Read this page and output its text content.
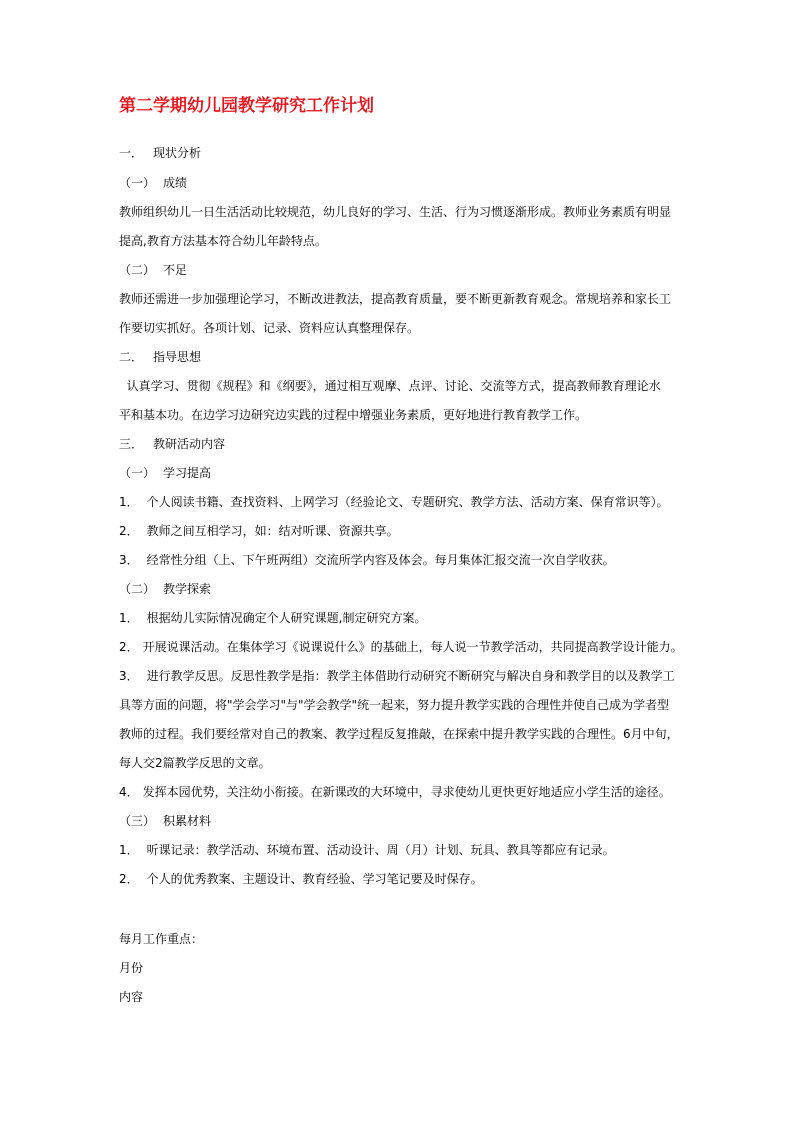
第二学期幼儿园教学研究工作计划
一． 现状分析
（一） 成绩
教师组织幼儿一日生活活动比较规范，幼儿良好的学习、生活、行为习惯逐渐形成。教师业务素质有明显
提高,教育方法基本符合幼儿年龄特点。
（二） 不足
教师还需进一步加强理论学习，不断改进教法，提高教育质量，要不断更新教育观念。常规培养和家长工
作要切实抓好。各项计划、记录、资料应认真整理保存。
二． 指导思想
认真学习、贯彻《规程》和《纲要》，通过相互观摩、点评、讨论、交流等方式，提高教师教育理论水
平和基本功。在边学习边研究边实践的过程中增强业务素质，更好地进行教育教学工作。
三． 教研活动内容
（一） 学习提高
1． 个人阅读书籍、查找资料、上网学习（经验论文、专题研究、教学方法、活动方案、保育常识等）。
2． 教师之间互相学习，如：结对听课、资源共享。
3． 经常性分组（上、下午班两组）交流所学内容及体会。每月集体汇报交流一次自学收获。
（二） 教学探索
1． 根据幼儿实际情况确定个人研究课题,制定研究方案。
2． 开展说课活动。在集体学习《说课说什么》的基础上，每人说一节教学活动，共同提高教学设计能力。
3． 进行教学反思。反思性教学是指：教学主体借助行动研究不断研究与解决自身和教学目的以及教学工
具等方面的问题，将"学会学习"与"学会教学"统一起来，努力提升教学实践的合理性并使自己成为学者型
教师的过程。我们要经常对自己的教案、教学过程反复推敲，在探索中提升教学实践的合理性。6月中旬，
每人交2篇教学反思的文章。
4． 发挥本园优势，关注幼小衔接。在新课改的大环境中，寻求使幼儿更快更好地适应小学生活的途径。
（三） 积累材料
1． 听课记录：教学活动、环境布置、活动设计、周（月）计划、玩具、教具等都应有记录。
2． 个人的优秀教案、主题设计、教育经验、学习笔记要及时保存。
每月工作重点：
月份
内容
